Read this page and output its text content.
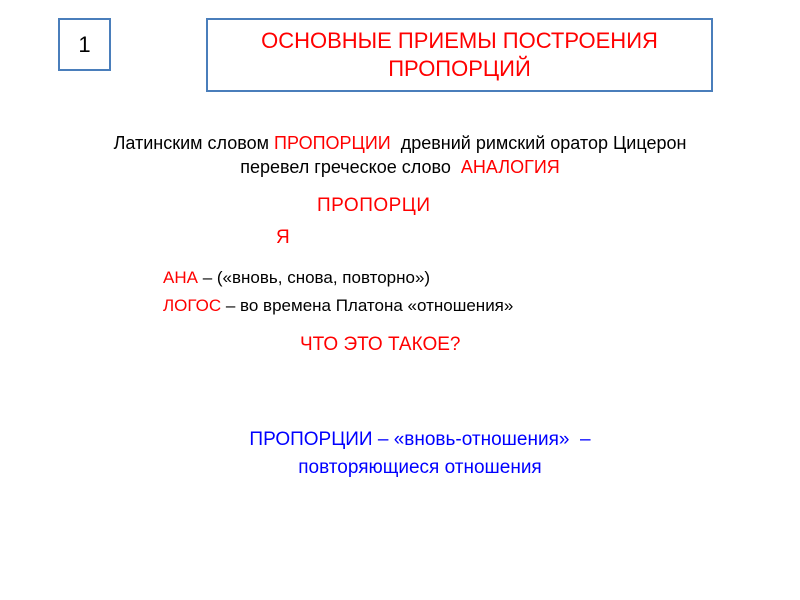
1	ОСНОВНЫЕ ПРИЕМЫ ПОСТРОЕНИЯ
ПРОПОРЦИЙ
Латинским словом ПРОПОРЦИИ  древний римский оратор Цицерон
перевел греческое слово  АНАЛОГИЯ
ПРОПОРЦИ
Я
АНА – («вновь, снова, повторно»)
ЛОГОС – во времена Платона «отношения»
ЧТО ЭТО ТАКОЕ?
ПРОПОРЦИИ – «вновь-отношения»  –
повторяющиеся отношения
